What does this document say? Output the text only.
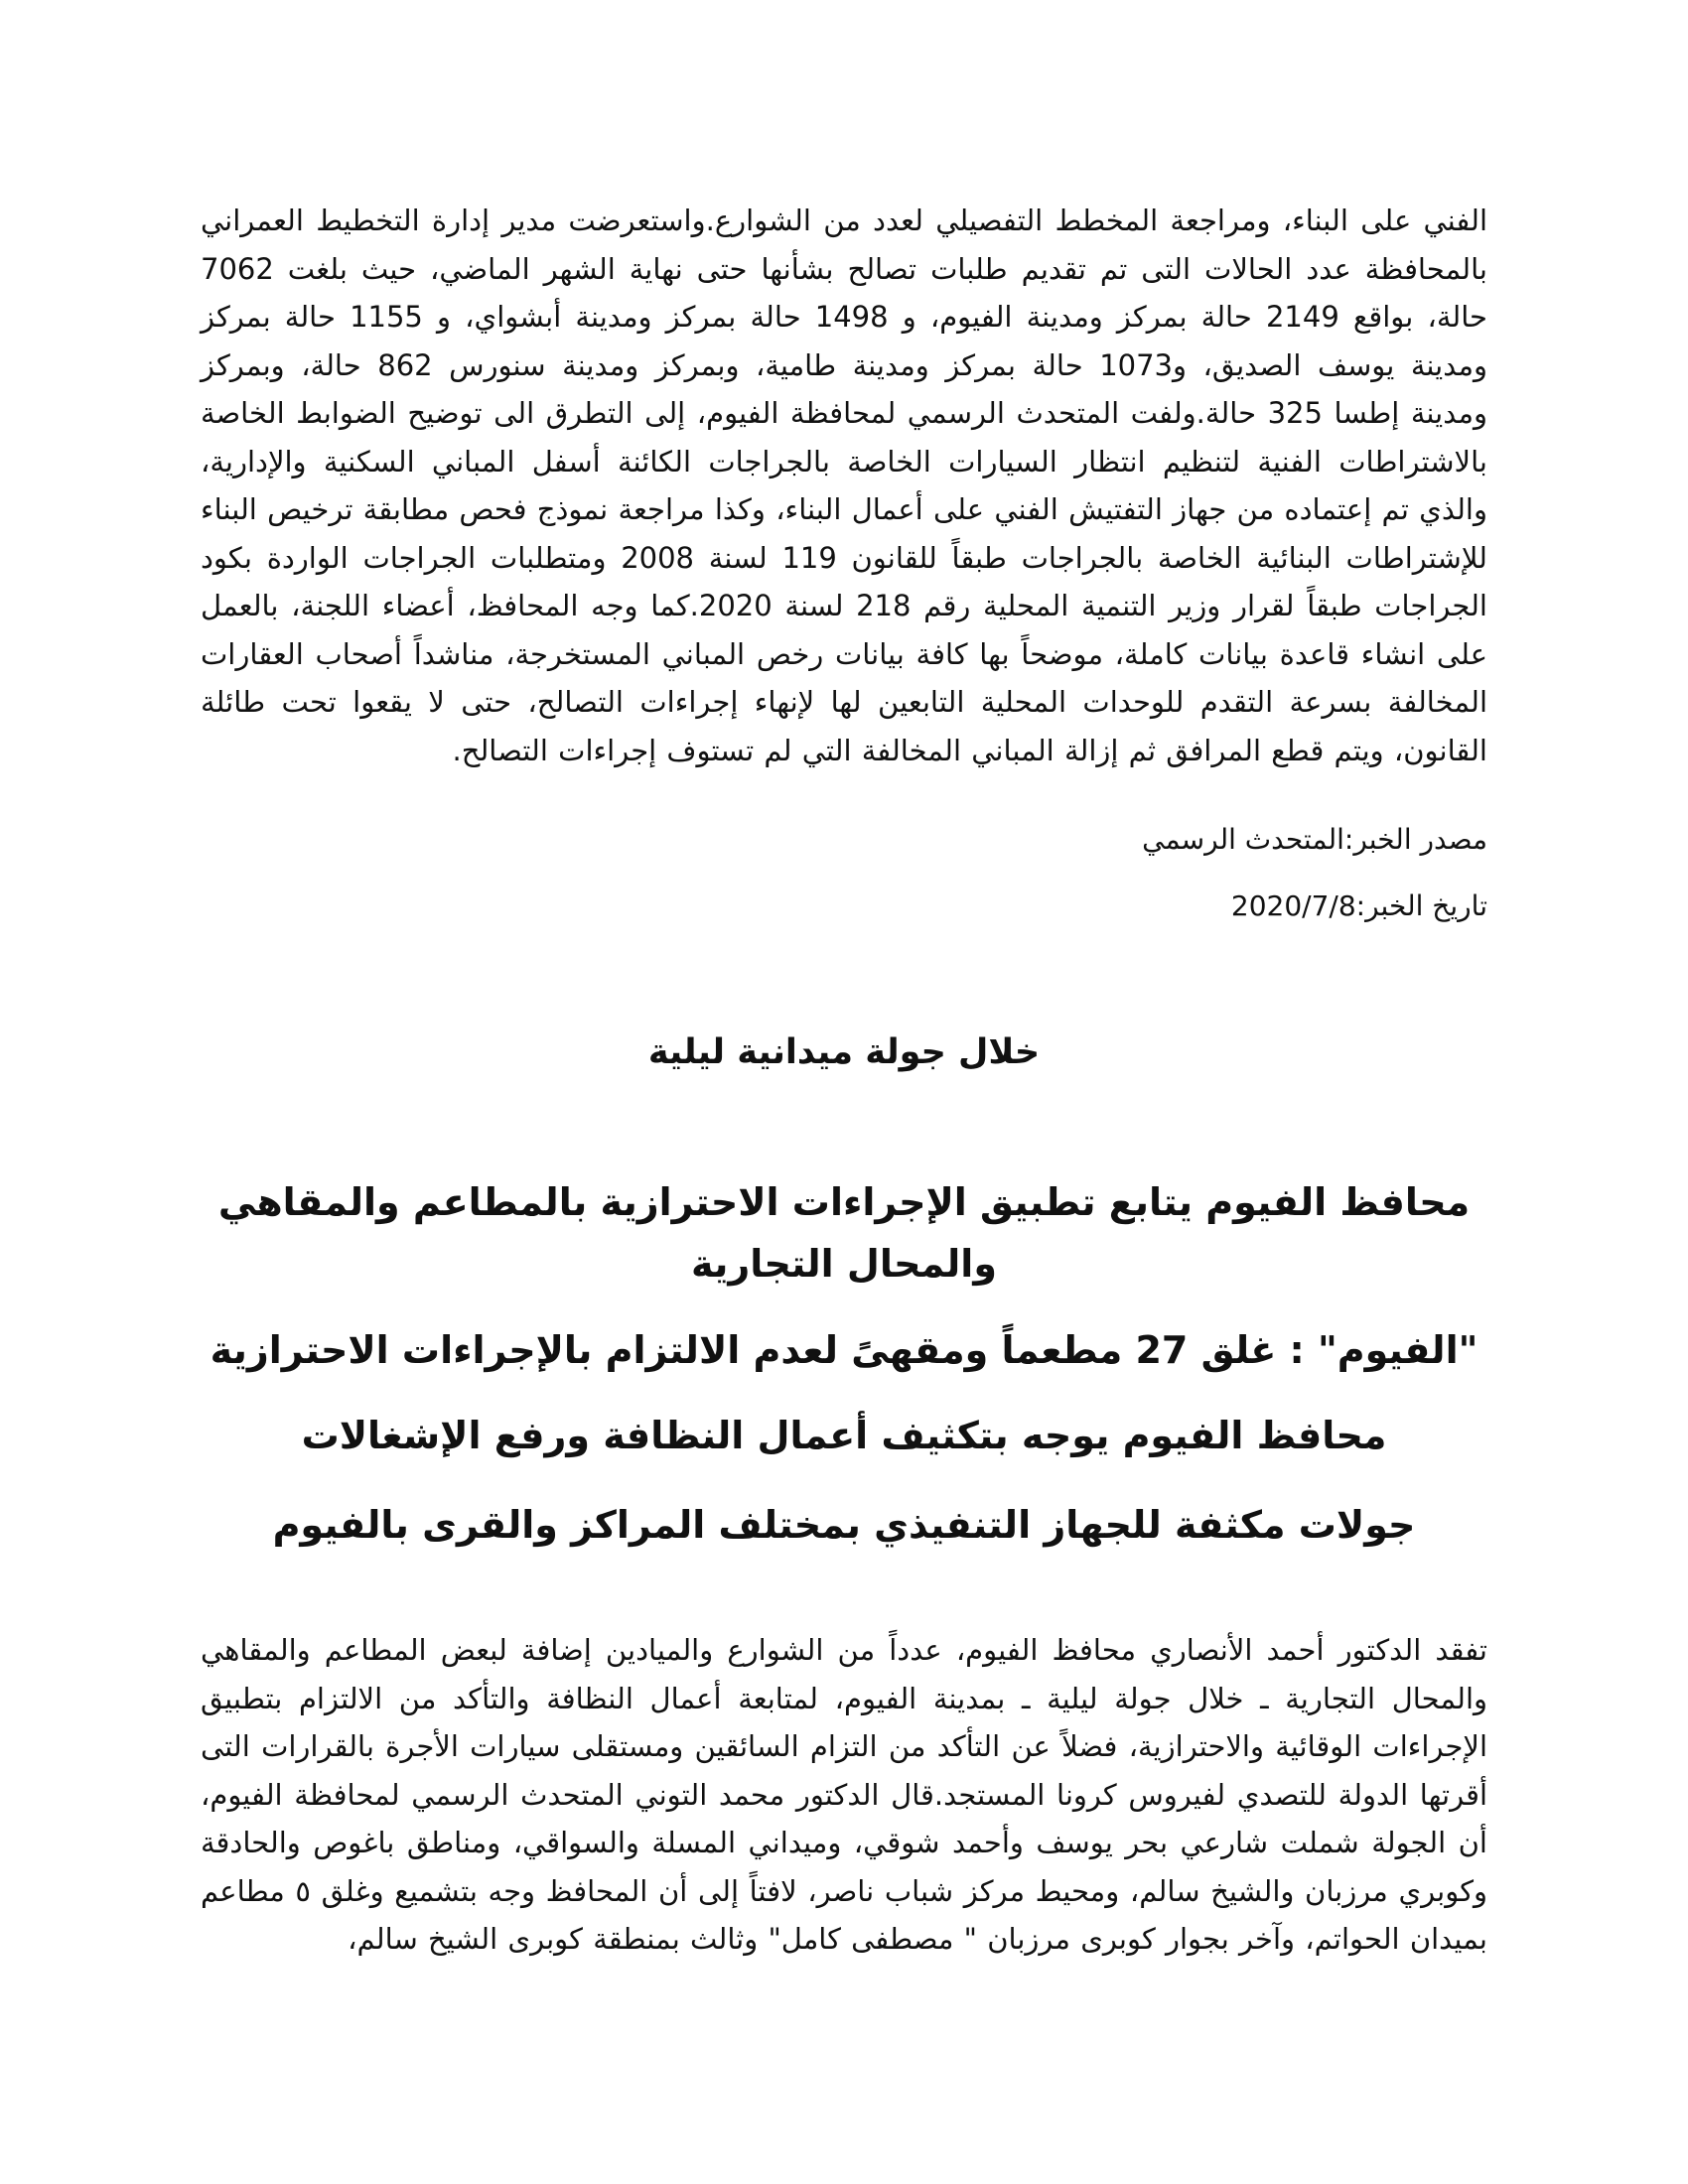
الفني على البناء، ومراجعة المخطط التفصيلي لعدد من الشوارع.واستعرضت مدير إدارة التخطيط العمراني بالمحافظة عدد الحالات التى تم تقديم طلبات تصالح بشأنها حتى نهاية الشهر الماضي، حيث بلغت 7062 حالة، بواقع 2149 حالة بمركز ومدينة الفيوم، و 1498 حالة بمركز ومدينة أبشواي، و 1155 حالة بمركز ومدينة يوسف الصديق، و1073 حالة بمركز ومدينة طامية، وبمركز ومدينة سنورس 862 حالة، وبمركز ومدينة إطسا 325 حالة.ولفت المتحدث الرسمي لمحافظة الفيوم، إلى التطرق الى توضيح الضوابط الخاصة بالاشتراطات الفنية لتنظيم انتظار السيارات الخاصة بالجراجات الكائنة أسفل المباني السكنية والإدارية، والذي تم إعتماده من جهاز التفتيش الفني على أعمال البناء، وكذا مراجعة نموذج فحص مطابقة ترخيص البناء للإشتراطات البنائية الخاصة بالجراجات طبقاً للقانون 119 لسنة 2008 ومتطلبات الجراجات الواردة بكود الجراجات طبقاً لقرار وزير التنمية المحلية رقم 218 لسنة 2020.كما وجه المحافظ، أعضاء اللجنة، بالعمل على انشاء قاعدة بيانات كاملة، موضحاً بها كافة بيانات رخص المباني المستخرجة، مناشداً أصحاب العقارات المخالفة بسرعة التقدم للوحدات المحلية التابعين لها لإنهاء إجراءات التصالح، حتى لا يقعوا تحت طائلة القانون، ويتم قطع المرافق ثم إزالة المباني المخالفة التي لم تستوف إجراءات التصالح.

مصدر الخبر:المتحدث الرسمي
تاريخ الخبر:2020/7/8
خلال جولة ميدانية ليلية
محافظ الفيوم يتابع تطبيق الإجراءات الاحترازية بالمطاعم والمقاهي والمحال التجارية
"الفيوم" : غلق 27 مطعماً ومقهىً لعدم الالتزام بالإجراءات الاحترازية
محافظ الفيوم يوجه بتكثيف أعمال النظافة ورفع الإشغالات
جولات مكثفة للجهاز التنفيذي بمختلف المراكز والقرى بالفيوم

تفقد الدكتور أحمد الأنصاري محافظ الفيوم، عدداً من الشوارع والميادين إضافة لبعض المطاعم والمقاهي والمحال التجارية ـ خلال جولة ليلية ـ بمدينة الفيوم، لمتابعة أعمال النظافة والتأكد من الالتزام بتطبيق الإجراءات الوقائية والاحترازية، فضلاً عن التأكد من التزام السائقين ومستقلى سيارات الأجرة بالقرارات التى أقرتها الدولة للتصدي لفيروس كرونا المستجد.قال الدكتور محمد التوني المتحدث الرسمي لمحافظة الفيوم، أن الجولة شملت شارعي بحر يوسف وأحمد شوقي، وميداني المسلة والسواقي، ومناطق باغوص والحادقة وكوبري مرزبان والشيخ سالم، ومحيط مركز شباب ناصر، لافتاً إلى أن المحافظ وجه بتشميع وغلق ٥ مطاعم بميدان الحواتم، وآخر بجوار كوبرى مرزبان " مصطفى كامل" وثالث بمنطقة كوبرى الشيخ سالم،
